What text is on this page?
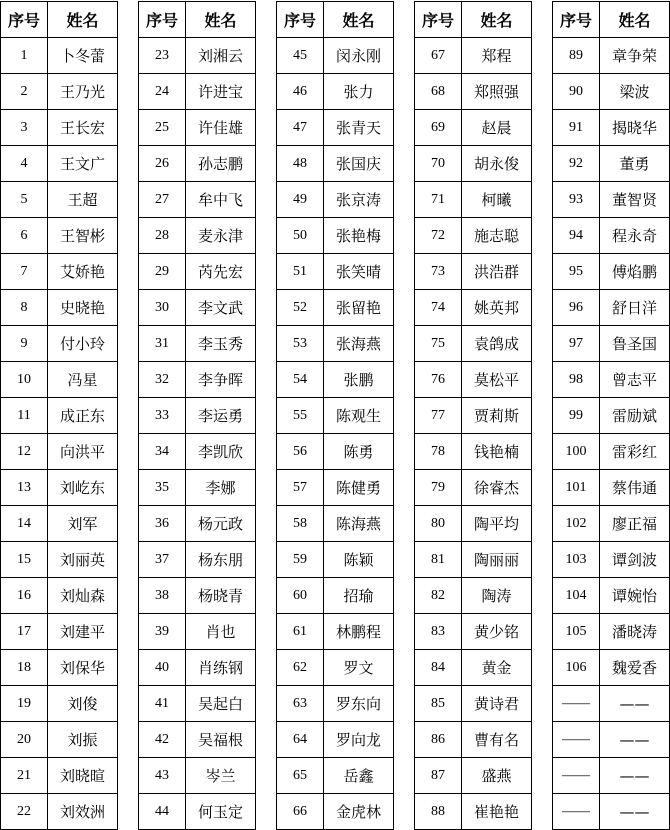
序号	姓名
1	卜冬蕾
2	王乃光
3	王长宏
4	王文广
5	王超
6	王智彬
7	艾娇艳
8	史晓艳
9	付小玲
10	冯星
11	成正东
12	向洪平
13	刘屹东
14	刘军
15	刘丽英
16	刘灿森
17	刘建平
18	刘保华
19	刘俊
20	刘振
21	刘晓暄
22	刘效洲
序号	姓名
23	刘湘云
24	许进宝
25	许佳雄
26	孙志鹏
27	牟中飞
28	麦永津
29	芮先宏
30	李文武
31	李玉秀
32	李争晖
33	李运勇
34	李凯欣
35	李娜
36	杨元政
37	杨东朋
38	杨晓青
39	肖也
40	肖练钢
41	吴起白
42	吴福根
43	岑兰
44	何玉定
序号	姓名
45	闵永刚
46	张力
47	张青天
48	张国庆
49	张京涛
50	张艳梅
51	张笑晴
52	张留艳
53	张海燕
54	张鹏
55	陈观生
56	陈勇
57	陈健勇
58	陈海燕
59	陈颖
60	招瑜
61	林鹏程
62	罗文
63	罗东向
64	罗向龙
65	岳鑫
66	金虎林
序号	姓名
67	郑程
68	郑照强
69	赵晨
70	胡永俊
71	柯曦
72	施志聪
73	洪浩群
74	姚英邦
75	袁鸽成
76	莫松平
77	贾莉斯
78	钱艳楠
79	徐睿杰
80	陶平均
81	陶丽丽
82	陶涛
83	黄少铭
84	黄金
85	黄诗君
86	曹有名
87	盛燕
88	崔艳艳
序号	姓名
89	章争荣
90	梁波
91	揭晓华
92	董勇
93	董智贤
94	程永奇
95	傅焰鹏
96	舒日洋
97	鲁圣国
98	曾志平
99	雷励斌
100	雷彩红
101	蔡伟通
102	廖正福
103	谭剑波
104	谭婉怡
105	潘晓涛
106	魏爱香
——	——
——	——
——	——
——	——
